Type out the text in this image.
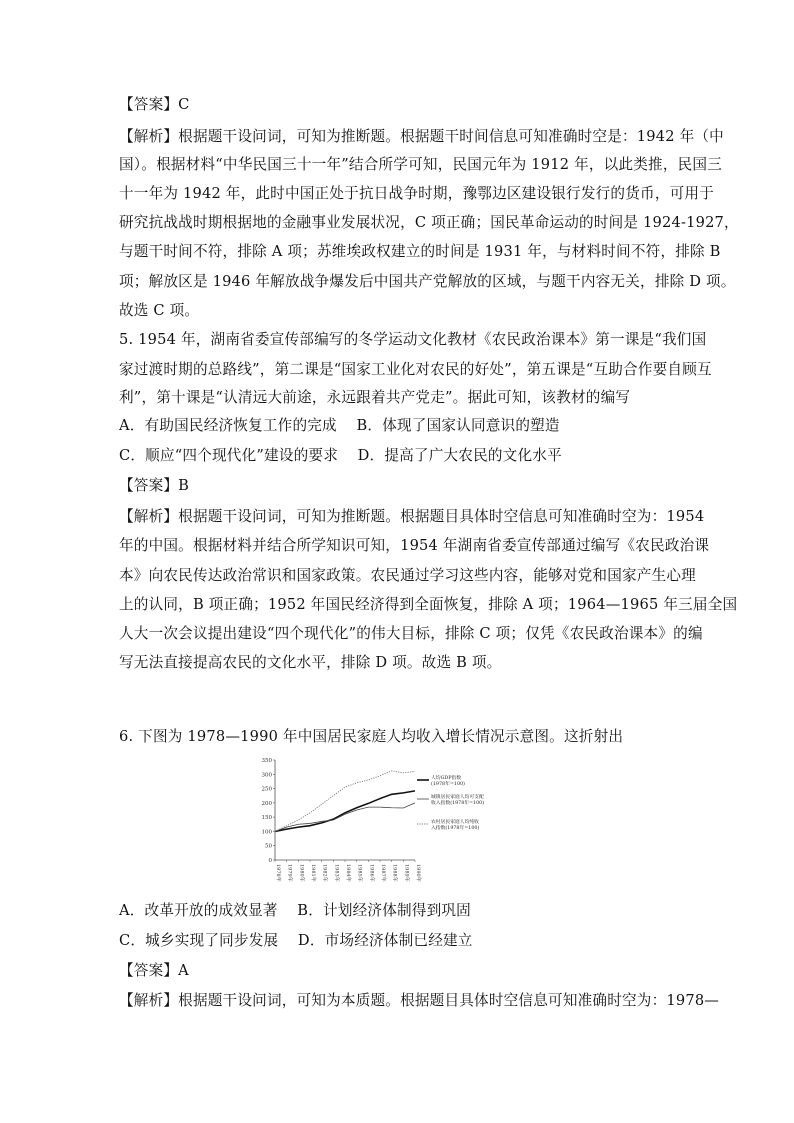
【答案】C
【解析】根据题干设问词，可知为推断题。根据题干时间信息可知准确时空是：1942 年（中
国）。根据材料“中华民国三十一年”结合所学可知，民国元年为 1912 年，以此类推，民国三
十一年为 1942 年，此时中国正处于抗日战争时期，豫鄂边区建设银行发行的货币，可用于
研究抗战战时期根据地的金融事业发展状况，C 项正确；国民革命运动的时间是 1924-1927，
与题干时间不符，排除 A 项；苏维埃政权建立的时间是 1931 年，与材料时间不符，排除 B
项；解放区是 1946 年解放战争爆发后中国共产党解放的区域，与题干内容无关，排除 D 项。
故选 C 项。
5. 1954 年，湖南省委宣传部编写的冬学运动文化教材《农民政治课本》第一课是“我们国
家过渡时期的总路线”，第二课是“国家工业化对农民的好处”，第五课是“互助合作要自顾互
利”，第十课是“认清远大前途，永远跟着共产党走”。据此可知，该教材的编写
A．有助国民经济恢复工作的完成　 B．体现了国家认同意识的塑造
C．顺应“四个现代化”建设的要求　 D．提高了广大农民的文化水平
【答案】B
【解析】根据题干设问词，可知为推断题。根据题目具体时空信息可知准确时空为：1954
年的中国。根据材料并结合所学知识可知，1954 年湖南省委宣传部通过编写《农民政治课
本》向农民传达政治常识和国家政策。农民通过学习这些内容，能够对党和国家产生心理
上的认同，B 项正确；1952 年国民经济得到全面恢复，排除 A 项；1964—1965 年三届全国
人大一次会议提出建设“四个现代化”的伟大目标，排除 C 项；仅凭《农民政治课本》的编
写无法直接提高农民的文化水平，排除 D 项。故选 B 项。
6. 下图为 1978—1990 年中国居民家庭人均收入增长情况示意图。这折射出
A．改革开放的成效显著　 B．计划经济体制得到巩固
C．城乡实现了同步发展　 D．市场经济体制已经建立
【答案】A
【解析】根据题干设问词，可知为本质题。根据题目具体时空信息可知准确时空为：1978—
0
50
100
150
200
250
300
350
1978年 1979年 1980年 1981年 1982年 1983年 1984年 1985年 1986年 1987年 1988年 1989年 1990年
人均GDP指数(1978年=100)
城镇居民家庭人均可支配收入指数(1978年=100)
农村居民家庭人均纯收入指数(1978年=100)
